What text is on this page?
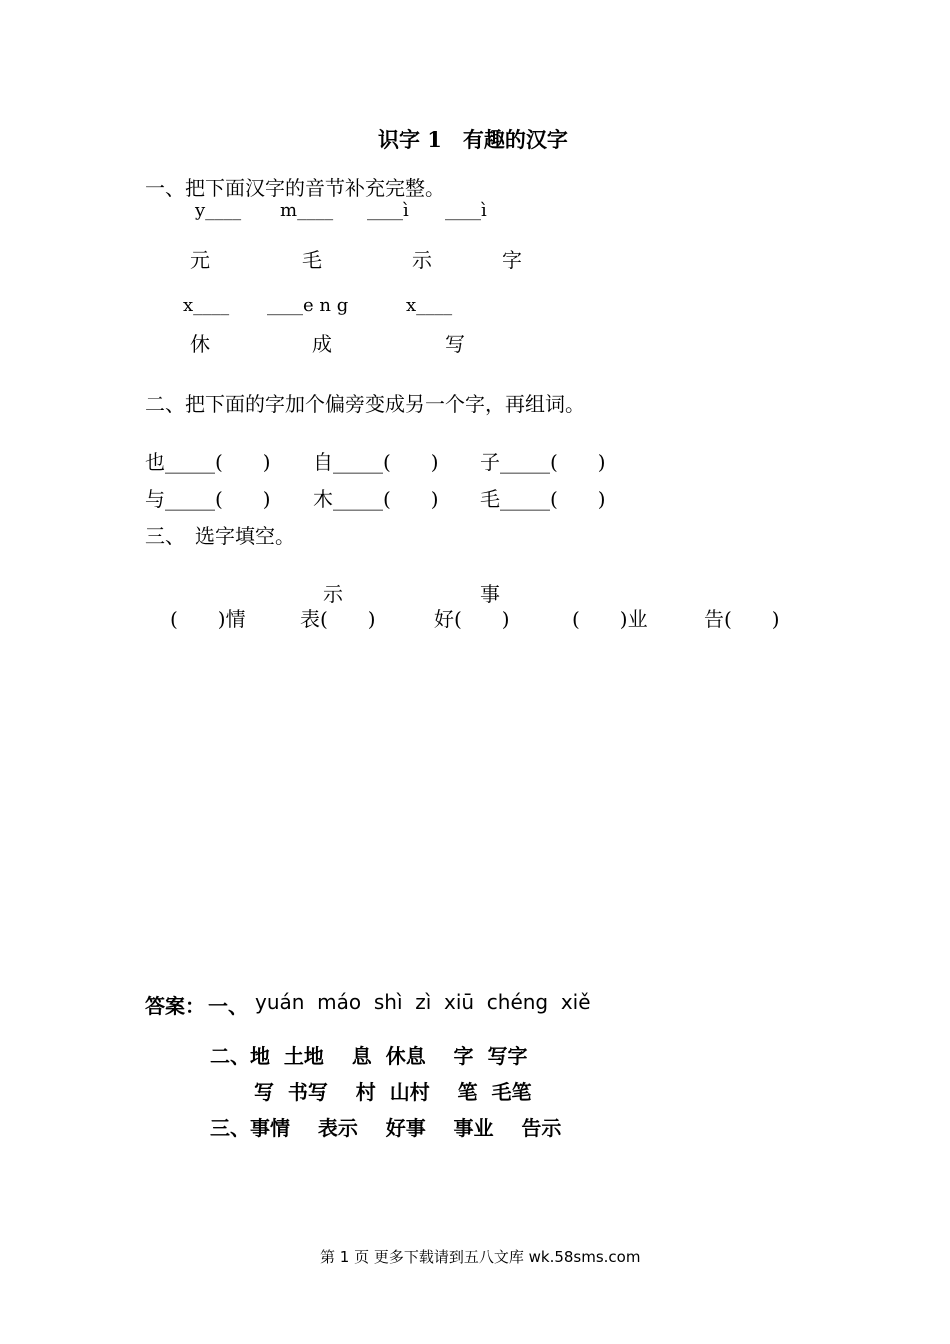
识字 1　有趣的汉字
一、把下面汉字的音节补充完整。
y____ m____ ____ì ____ì
元	毛	示	字
x____ ____e n g	x____
休	成	写
二、把下面的字加个偏旁变成另一个字，再组词。
也_____(　　) 自_____(　　) 子_____(　　)
与_____(　　) 木_____(　　) 毛_____(　　)
三、　选字填空。
示	事
(　　)情	表(　　)	好(　　)	(　　)业	告(　　)
答案： 一、 yuán  máo  shì  zì  xiū  chéng  xiě
二、地  土地    息  休息    字  写字
写  书写    村  山村    笔  毛笔
三、事情    表示    好事    事业    告示
第 1 页 更多下载请到五八文库 wk.58sms.com
